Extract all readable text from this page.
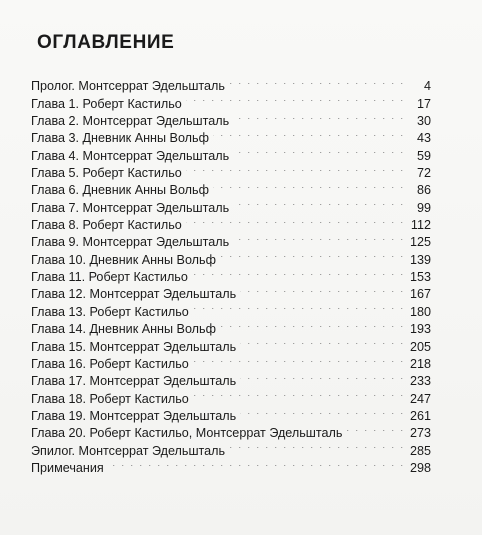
ОГЛАВЛЕНИЕ
Пролог. Монтсеррат Эдельшталь . . .	4
Глава 1. Роберт Кастильо . . .	17
Глава 2. Монтсеррат Эдельшталь . . .	30
Глава 3. Дневник Анны Вольф . . .	43
Глава 4. Монтсеррат Эдельшталь . . .	59
Глава 5. Роберт Кастильо . . .	72
Глава 6. Дневник Анны Вольф . . .	86
Глава 7. Монтсеррат Эдельшталь . . .	99
Глава 8. Роберт Кастильо . . .	112
Глава 9. Монтсеррат Эдельшталь . . .	125
Глава 10. Дневник Анны Вольф . . .	139
Глава 11. Роберт Кастильо . . .	153
Глава 12. Монтсеррат Эдельшталь . . .	167
Глава 13. Роберт Кастильо . . .	180
Глава 14. Дневник Анны Вольф . . .	193
Глава 15. Монтсеррат Эдельшталь . . .	205
Глава 16. Роберт Кастильо . . .	218
Глава 17. Монтсеррат Эдельшталь . . .	233
Глава 18. Роберт Кастильо . . .	247
Глава 19. Монтсеррат Эдельшталь . . .	261
Глава 20. Роберт Кастильо, Монтсеррат Эдельшталь . . .	273
Эпилог. Монтсеррат Эдельшталь . . .	285
Примечания . . .	298
